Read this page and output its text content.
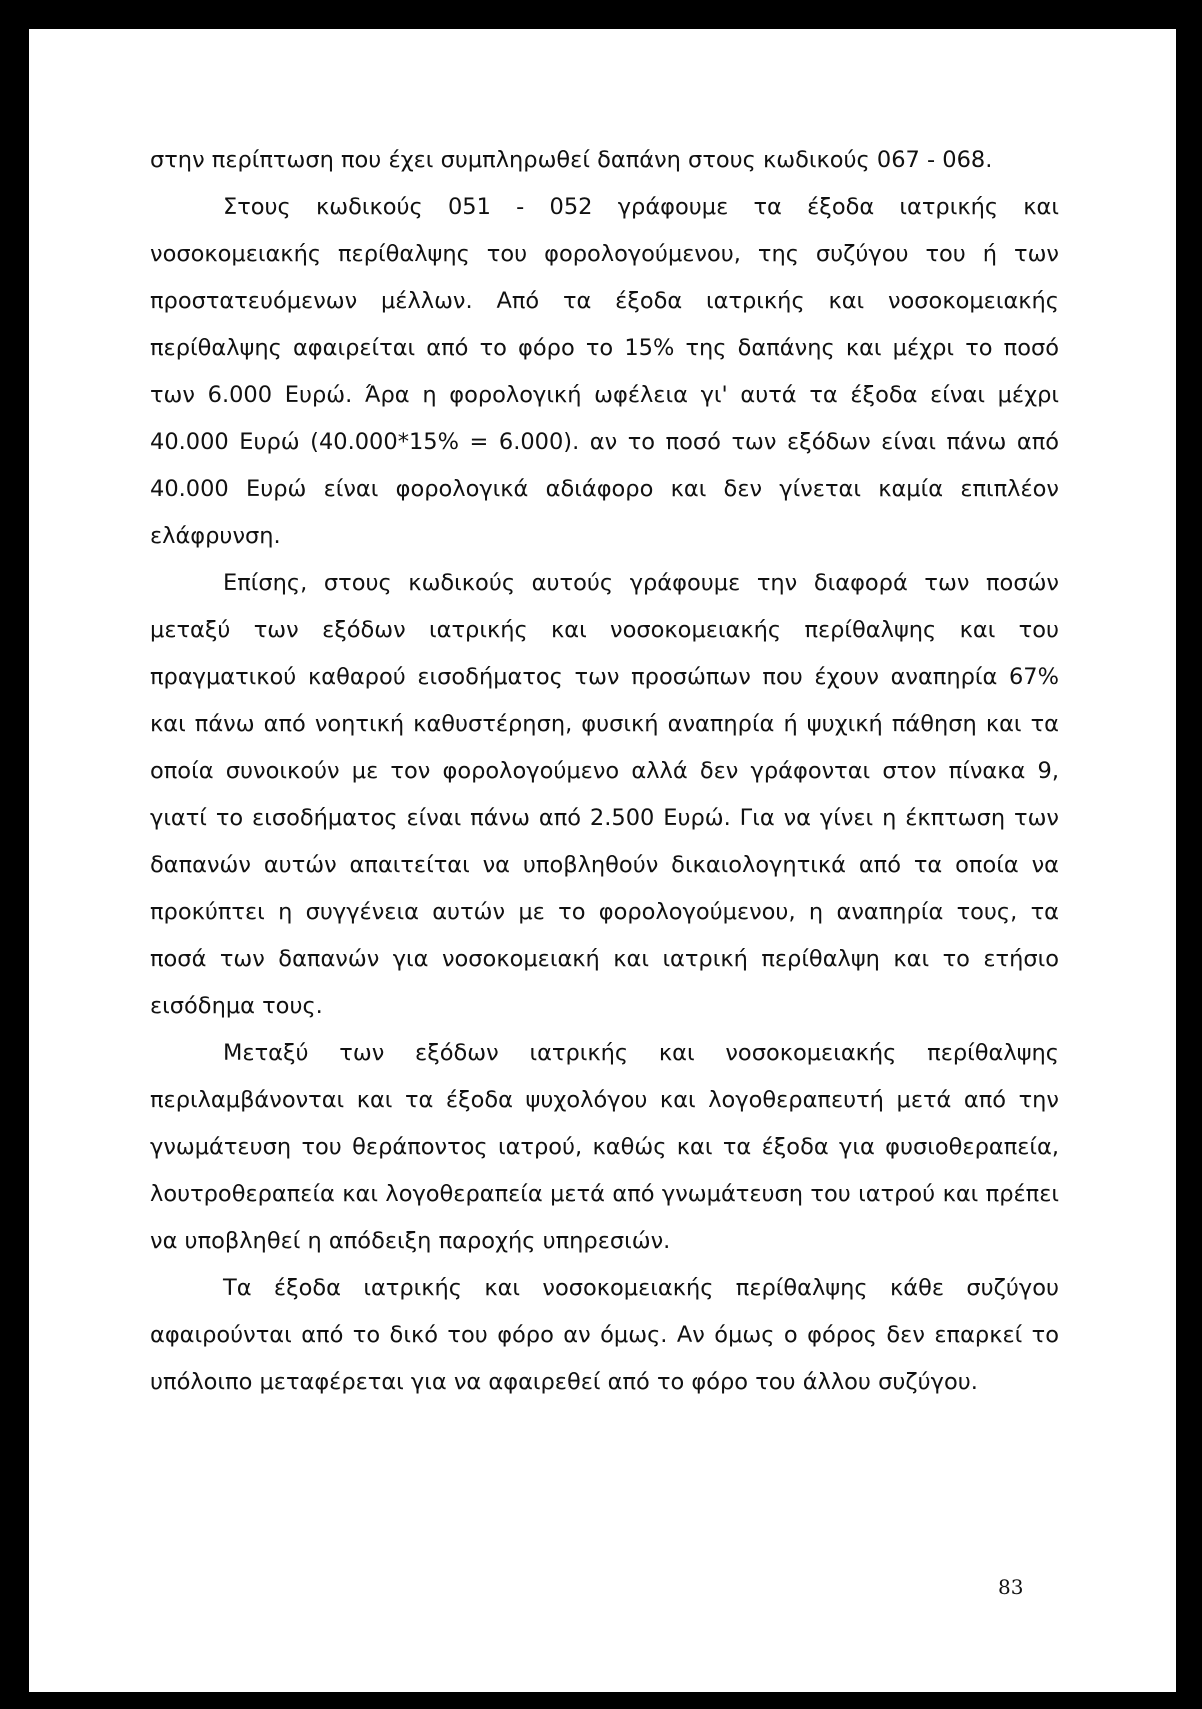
στην περίπτωση που έχει συμπληρωθεί δαπάνη στους κωδικούς 067 - 068.

Στους κωδικούς 051 - 052 γράφουμε τα έξοδα ιατρικής και νοσοκομειακής περίθαλψης του φορολογούμενου, της συζύγου του ή των προστατευόμενων μέλλων. Από τα έξοδα ιατρικής και νοσοκομειακής περίθαλψης αφαιρείται από το φόρο το 15% της δαπάνης και μέχρι το ποσό των 6.000 Ευρώ. Άρα η φορολογική ωφέλεια γι' αυτά τα έξοδα είναι μέχρι 40.000 Ευρώ (40.000*15% = 6.000). αν το ποσό των εξόδων είναι πάνω από 40.000 Ευρώ είναι φορολογικά αδιάφορο και δεν γίνεται καμία επιπλέον ελάφρυνση.

Επίσης, στους κωδικούς αυτούς γράφουμε την διαφορά των ποσών μεταξύ των εξόδων ιατρικής και νοσοκομειακής περίθαλψης και του πραγματικού καθαρού εισοδήματος των προσώπων που έχουν αναπηρία 67% και πάνω από νοητική καθυστέρηση, φυσική αναπηρία ή ψυχική πάθηση και τα οποία συνοικούν με τον φορολογούμενο αλλά δεν γράφονται στον πίνακα 9, γιατί το εισοδήματος είναι πάνω από 2.500 Ευρώ. Για να γίνει η έκπτωση των δαπανών αυτών απαιτείται να υποβληθούν δικαιολογητικά από τα οποία να προκύπτει η συγγένεια αυτών με το φορολογούμενου, η αναπηρία τους, τα ποσά των δαπανών για νοσοκομειακή και ιατρική περίθαλψη και το ετήσιο εισόδημα τους.

Μεταξύ των εξόδων ιατρικής και νοσοκομειακής περίθαλψης περιλαμβάνονται και τα έξοδα ψυχολόγου και λογοθεραπευτή μετά από την γνωμάτευση του θεράποντος ιατρού, καθώς και τα έξοδα για φυσιοθεραπεία, λουτροθεραπεία και λογοθεραπεία μετά από γνωμάτευση του ιατρού και πρέπει να υποβληθεί η απόδειξη παροχής υπηρεσιών.

Τα έξοδα ιατρικής και νοσοκομειακής περίθαλψης κάθε συζύγου αφαιρούνται από το δικό του φόρο αν όμως. Αν όμως ο φόρος δεν επαρκεί το υπόλοιπο μεταφέρεται για να αφαιρεθεί από το φόρο του άλλου συζύγου.

83
